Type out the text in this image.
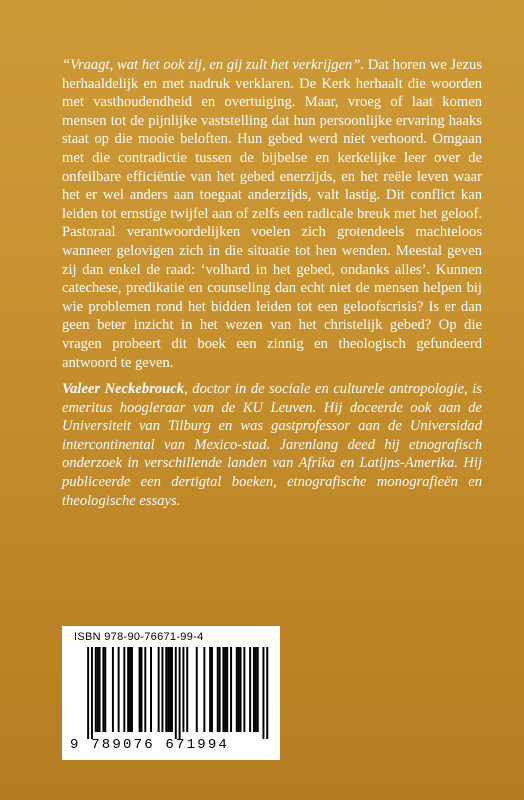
“Vraagt, wat het ook zij, en gij zult het verkrijgen”. Dat horen we Jezus herhaaldelijk en met nadruk verklaren. De Kerk herhaalt die woorden met vasthoudendheid en overtuiging. Maar, vroeg of laat komen mensen tot de pijnlijke vaststelling dat hun persoonlijke ervaring haaks staat op die mooie beloften. Hun gebed werd niet verhoord. Omgaan met die contradictie tussen de bijbelse en kerkelijke leer over de onfeilbare efficiëntie van het gebed enerzijds, en het reële leven waar het er wel anders aan toegaat anderzijds, valt lastig. Dit conflict kan leiden tot ernstige twijfel aan of zelfs een radicale breuk met het geloof. Pastoraal verantwoordelijken voelen zich grotendeels machteloos wanneer gelovigen zich in die situatie tot hen wenden. Meestal geven zij dan enkel de raad: ‘volhard in het gebed, ondanks alles’. Kunnen catechese, predikatie en counseling dan echt niet de mensen helpen bij wie problemen rond het bidden leiden tot een geloofscrisis? Is er dan geen beter inzicht in het wezen van het christelijk gebed? Op die vragen probeert dit boek een zinnig en theologisch gefundeerd antwoord te geven.

Valeer Neckebrouck, doctor in de sociale en culturele antropologie, is emeritus hoogleraar van de KU Leuven. Hij doceerde ook aan de Universiteit van Tilburg en was gastprofessor aan de Universidad intercontinental van Mexico-stad. Jarenlang deed hij etnografisch onderzoek in verschillende landen van Afrika en Latijns-Amerika. Hij publiceerde een dertigtal boeken, etnografische monografieën en theologische essays.

ISBN 978-90-76671-99-4
9 789076 671994
